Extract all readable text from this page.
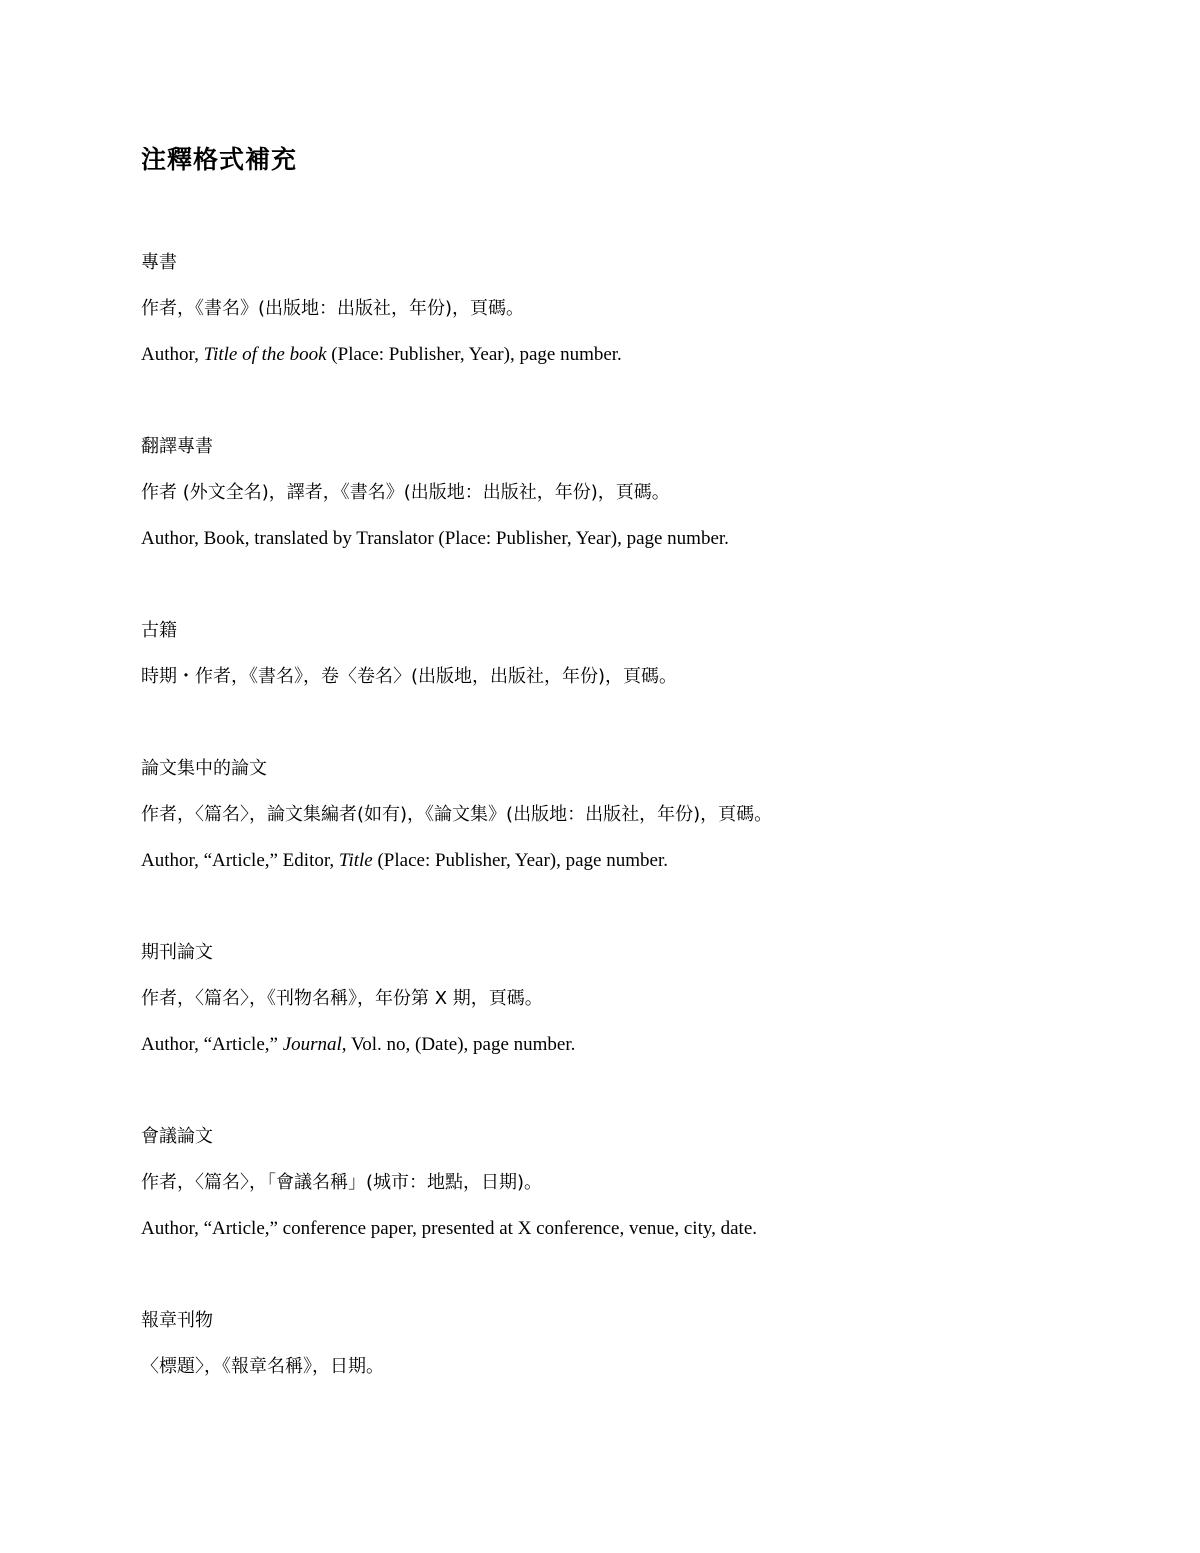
注釋格式補充
專書
作者，《書名》(出版地：出版社，年份)，頁碼。
Author, Title of the book (Place: Publisher, Year), page number.
翻譯專書
作者 (外文全名)，譯者，《書名》(出版地：出版社，年份)，頁碼。
Author, Book, translated by Translator (Place: Publisher, Year), page number.
古籍
時期・作者，《書名》，卷〈卷名〉(出版地，出版社，年份)，頁碼。
論文集中的論文
作者，〈篇名〉，論文集編者(如有)，《論文集》(出版地：出版社，年份)，頁碼。
Author, “Article,” Editor, Title (Place: Publisher, Year), page number.
期刊論文
作者，〈篇名〉，《刊物名稱》，年份第 X 期，頁碼。
Author, “Article,” Journal, Vol. no, (Date), page number.
會議論文
作者，〈篇名〉，「會議名稱」(城市：地點，日期)。
Author, “Article,” conference paper, presented at X conference, venue, city, date.
報章刊物
〈標題〉，《報章名稱》，日期。
